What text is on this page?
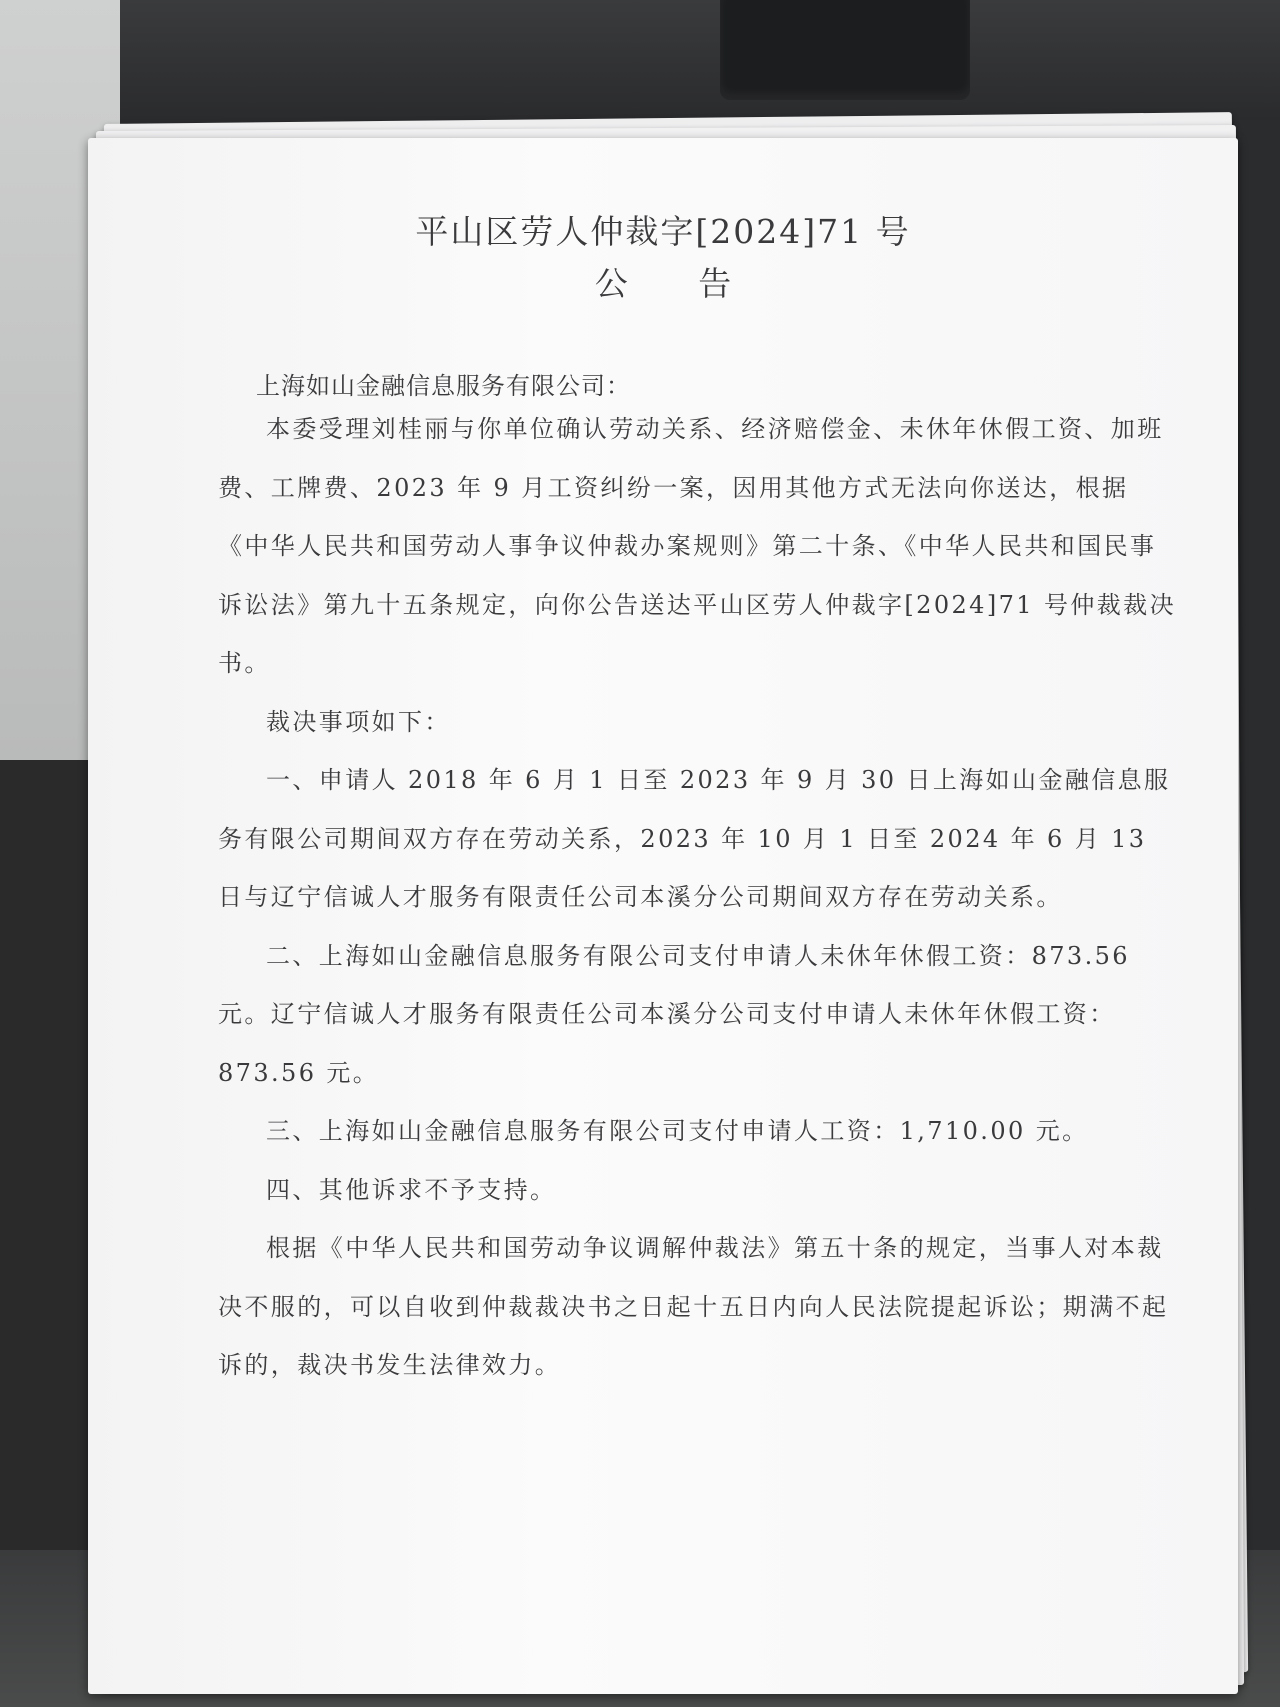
平山区劳人仲裁字[2024]71 号

公 告

上海如山金融信息服务有限公司：

本委受理刘桂丽与你单位确认劳动关系、经济赔偿金、未休年休假工资、加班费、工牌费、2023 年 9 月工资纠纷一案，因用其他方式无法向你送达，根据《中华人民共和国劳动人事争议仲裁办案规则》第二十条、《中华人民共和国民事诉讼法》第九十五条规定，向你公告送达平山区劳人仲裁字[2024]71 号仲裁裁决书。

裁决事项如下：

一、申请人 2018 年 6 月 1 日至 2023 年 9 月 30 日上海如山金融信息服务有限公司期间双方存在劳动关系，2023 年 10 月 1 日至 2024 年 6 月 13 日与辽宁信诚人才服务有限责任公司本溪分公司期间双方存在劳动关系。

二、上海如山金融信息服务有限公司支付申请人未休年休假工资：873.56 元。辽宁信诚人才服务有限责任公司本溪分公司支付申请人未休年休假工资：873.56 元。

三、上海如山金融信息服务有限公司支付申请人工资：1,710.00 元。

四、其他诉求不予支持。

根据《中华人民共和国劳动争议调解仲裁法》第五十条的规定，当事人对本裁决不服的，可以自收到仲裁裁决书之日起十五日内向人民法院提起诉讼；期满不起诉的，裁决书发生法律效力。
